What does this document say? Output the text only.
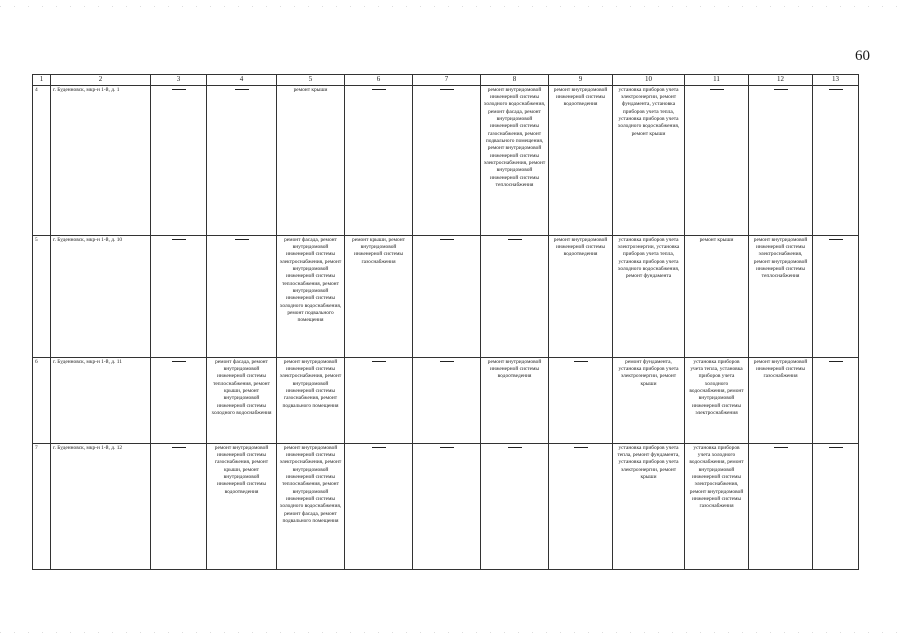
60
1	2	3	4	5	6	7	8	9	10	11	12	13
4	г. Буденновск, мкр-н 1-й, д. 1			ремонт крыши			ремонт внутридомовой инженерной системы холодного водоснабжения, ремонт фасада, ремонт внутридомовой инженерной системы газоснабжения, ремонт подвального помещения, ремонт внутридомовой инженерной системы электроснабжения, ремонт внутридомовой инженерной системы теплоснабжения	ремонт внутридомовой инженерной системы водоотведения	установка приборов учета электроэнергии, ремонт фундамента, установка приборов учета тепла, установка приборов учета холодного водоснабжения, ремонт крыши	

5	г. Буденновск, мкр-н 1-й, д. 10			ремонт фасада, ремонт внутридомовой инженерной системы электроснабжения, ремонт внутридомовой инженерной системы теплоснабжения, ремонт внутридомовой инженерной системы холодного водоснабжения, ремонт подвального помещения	ремонт крыши, ремонт внутридомовой инженерной системы газоснабжения			ремонт внутридомовой инженерной системы водоотведения	установка приборов учета электроэнергии, установка приборов учета тепла, установка приборов учета холодного водоснабжения, ремонт фундамента	ремонт крыши	ремонт внутридомовой инженерной системы электроснабжения, ремонт внутридомовой инженерной системы теплоснабжения	

6	г. Буденновск, мкр-н 1-й, д. 11		ремонт фасада, ремонт внутридомовой инженерной системы теплоснабжения, ремонт крыши, ремонт внутридомовой инженерной системы холодного водоснабжения	ремонт внутридомовой инженерной системы электроснабжения, ремонт внутридомовой инженерной системы газоснабжения, ремонт подвального помещения			ремонт внутридомовой инженерной системы водоотведения		ремонт фундамента, установка приборов учета электроэнергии, ремонт крыши	установка приборов учета тепла, установка приборов учета холодного водоснабжения, ремонт внутридомовой инженерной системы электроснабжения	ремонт внутридомовой инженерной системы газоснабжения	

7	г. Буденновск, мкр-н 1-й, д. 12		ремонт внутридомовой инженерной системы газоснабжения, ремонт крыши, ремонт внутридомовой инженерной системы водоотведения	ремонт внутридомовой инженерной системы электроснабжения, ремонт внутридомовой инженерной системы теплоснабжения, ремонт внутридомовой инженерной системы холодного водоснабжения, ремонт фасада, ремонт подвального помещения					установка приборов учета тепла, ремонт фундамента, установка приборов учета электроэнергии, ремонт крыши	установка приборов учета холодного водоснабжения, ремонт внутридомовой инженерной системы электроснабжения, ремонт внутридомовой инженерной системы газоснабжения	
